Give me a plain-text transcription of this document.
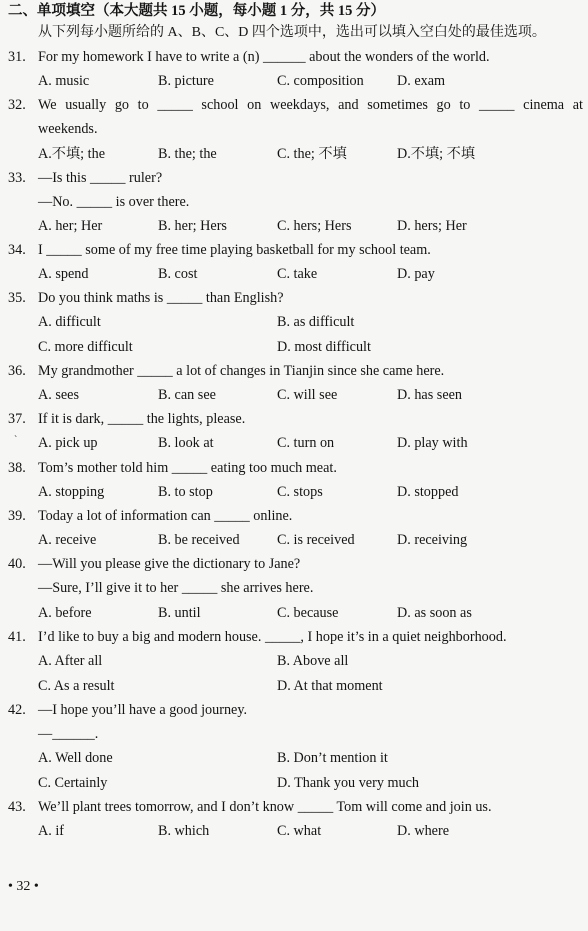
二、单项填空（本大题共 15 小题，每小题 1 分，共 15 分）
从下列每小题所给的 A、B、C、D 四个选项中，选出可以填入空白处的最佳选项。
31. For my homework I have to write a (n) ______ about the wonders of the world.
A. music	B. picture	C. composition D. exam
32. We usually go to _____ school on weekdays, and sometimes go to _____ cinema at
weekends.
A.不填; the	B. the; the	C. the; 不填	D.不填; 不填
33. —Is this _____ ruler?
—No. _____ is over there.
A. her; Her	B. her; Hers	C. hers; Hers	D. hers; Her
34. I _____ some of my free time playing basketball for my school team.
A. spend	B. cost	C. take	D. pay
35. Do you think maths is _____ than English?
A. difficult	B. as difficult
C. more difficult	D. most difficult
36. My grandmother _____ a lot of changes in Tianjin since she came here.
A. sees	B. can see	C. will see	D. has seen
37. If it is dark, _____ the lights, please.
` A. pick up	B. look at	C. turn on	D. play with
38. Tom’s mother told him _____ eating too much meat.
A. stopping	B. to stop	C. stops	D. stopped
39. Today a lot of information can _____ online.
A. receive	B. be received	C. is received	D. receiving
40. —Will you please give the dictionary to Jane?
—Sure, I’ll give it to her _____ she arrives here.
A. before	B. until	C. because	D. as soon as
41. I’d like to buy a big and modern house. _____, I hope it’s in a quiet neighborhood.
A. After all	B. Above all
C. As a result	D. At that moment
42. —I hope you’ll have a good journey.
—______.
A. Well done	B. Don’t mention it
C. Certainly	D. Thank you very much
43. We’ll plant trees tomorrow, and I don’t know _____ Tom will come and join us.
A. if	B. which	C. what	D. where
• 32 •
